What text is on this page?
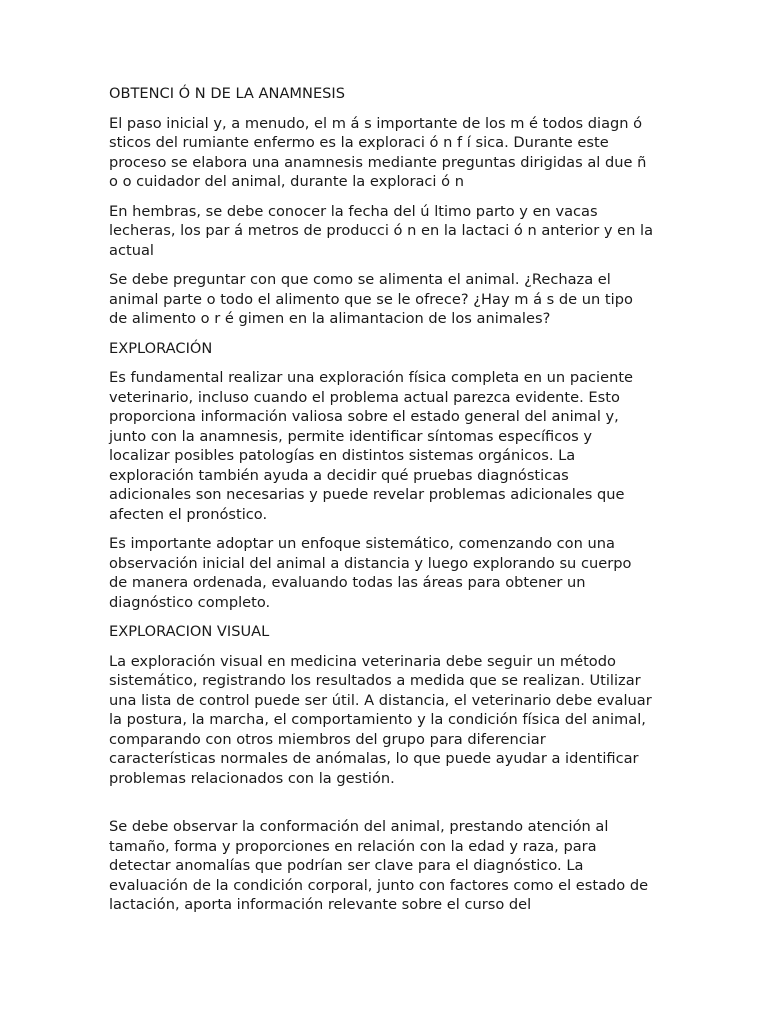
OBTENCI Ó N DE LA ANAMNESIS

El paso inicial y, a menudo, el m á s importante de los m é todos diagn ó sticos del rumiante enfermo es la exploraci ó n f í sica. Durante este proceso se elabora una anamnesis mediante preguntas dirigidas al due ñ o o cuidador del animal, durante la exploraci ó n

En hembras, se debe conocer la fecha del ú ltimo parto y en vacas lecheras, los par á metros de producci ó n en la lactaci ó n anterior y en la actual

Se debe preguntar con que como se alimenta el animal. ¿Rechaza el animal parte o todo el alimento que se le ofrece? ¿Hay m á s de un tipo de alimento o r é gimen en la alimantacion de los animales?

EXPLORACIÓN

Es fundamental realizar una exploración física completa en un paciente veterinario, incluso cuando el problema actual parezca evidente. Esto proporciona información valiosa sobre el estado general del animal y, junto con la anamnesis, permite identificar síntomas específicos y localizar posibles patologías en distintos sistemas orgánicos. La exploración también ayuda a decidir qué pruebas diagnósticas adicionales son necesarias y puede revelar problemas adicionales que afecten el pronóstico.

Es importante adoptar un enfoque sistemático, comenzando con una observación inicial del animal a distancia y luego explorando su cuerpo de manera ordenada, evaluando todas las áreas para obtener un diagnóstico completo.

EXPLORACION VISUAL

La exploración visual en medicina veterinaria debe seguir un método sistemático, registrando los resultados a medida que se realizan. Utilizar una lista de control puede ser útil. A distancia, el veterinario debe evaluar la postura, la marcha, el comportamiento y la condición física del animal, comparando con otros miembros del grupo para diferenciar características normales de anómalas, lo que puede ayudar a identificar problemas relacionados con la gestión.

Se debe observar la conformación del animal, prestando atención al tamaño, forma y proporciones en relación con la edad y raza, para detectar anomalías que podrían ser clave para el diagnóstico. La evaluación de la condición corporal, junto con factores como el estado de lactación, aporta información relevante sobre el curso del
